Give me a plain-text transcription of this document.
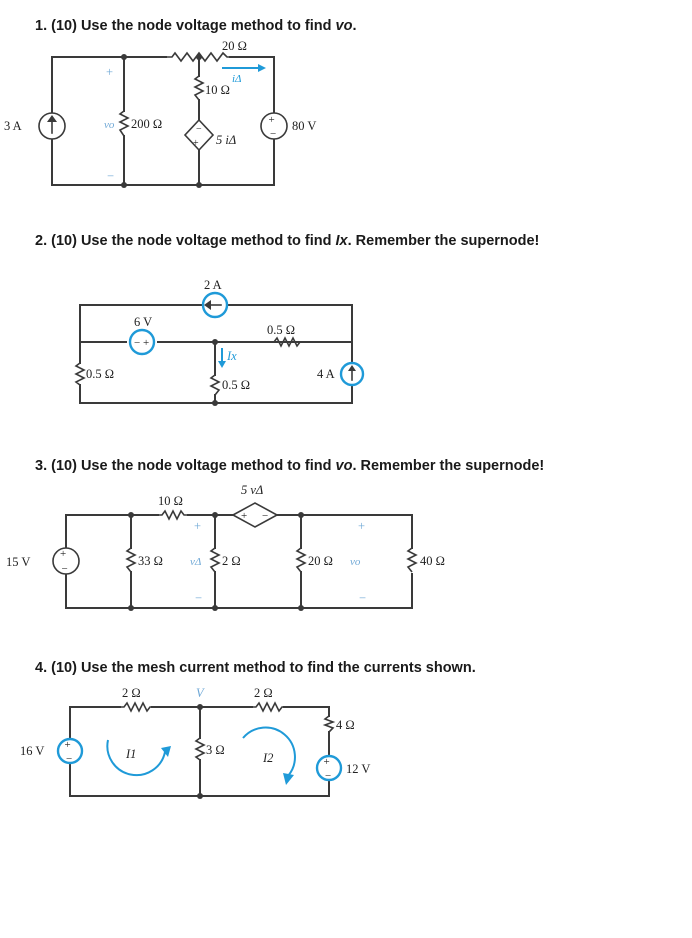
1. (10) Use the node voltage method to find vo.
2. (10) Use the node voltage method to find Ix. Remember the supernode!
3. (10) Use the node voltage method to find vo. Remember the supernode!
4. (10) Use the mesh current method to find the currents shown.
+
−
+
−
20 Ω
iΔ
10 Ω
3 A	vo
+
−
200 Ω
5 iΔ
80 V
− +
2 A
6 V
0.5 Ω
Ix
0.5 Ω
0.5 Ω
4 A
+
−
+ −
5 vΔ
10 Ω
15 V	33 Ω vΔ
+
−
2 Ω	20 Ω vo
+
−
40 Ω
+
−	+
−
2 Ω	V	2 Ω
4 Ω
16 V	I1	3 Ω
I2
12 V
